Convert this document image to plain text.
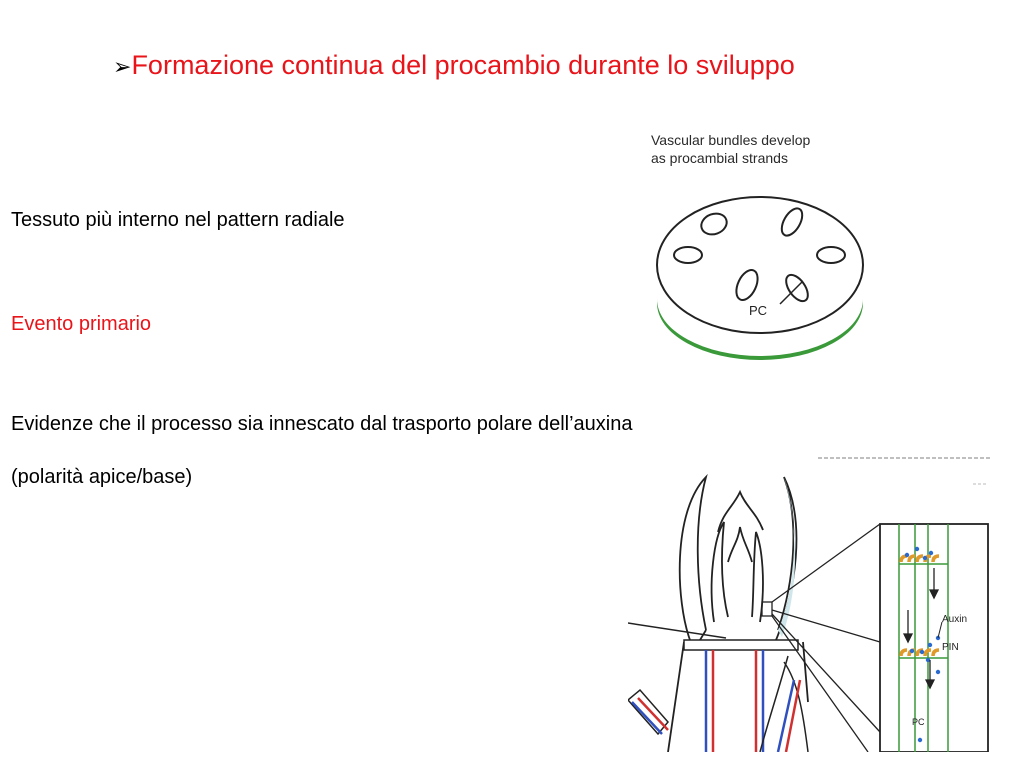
➢Formazione continua del procambio durante lo sviluppo
Tessuto più interno nel pattern radiale
Evento primario
Evidenze che il processo sia innescato dal trasporto polare dell’auxina
(polarità apice/base)
Vascular bundles develop
as procambial strands
PC
Auxin
PIN
PC
